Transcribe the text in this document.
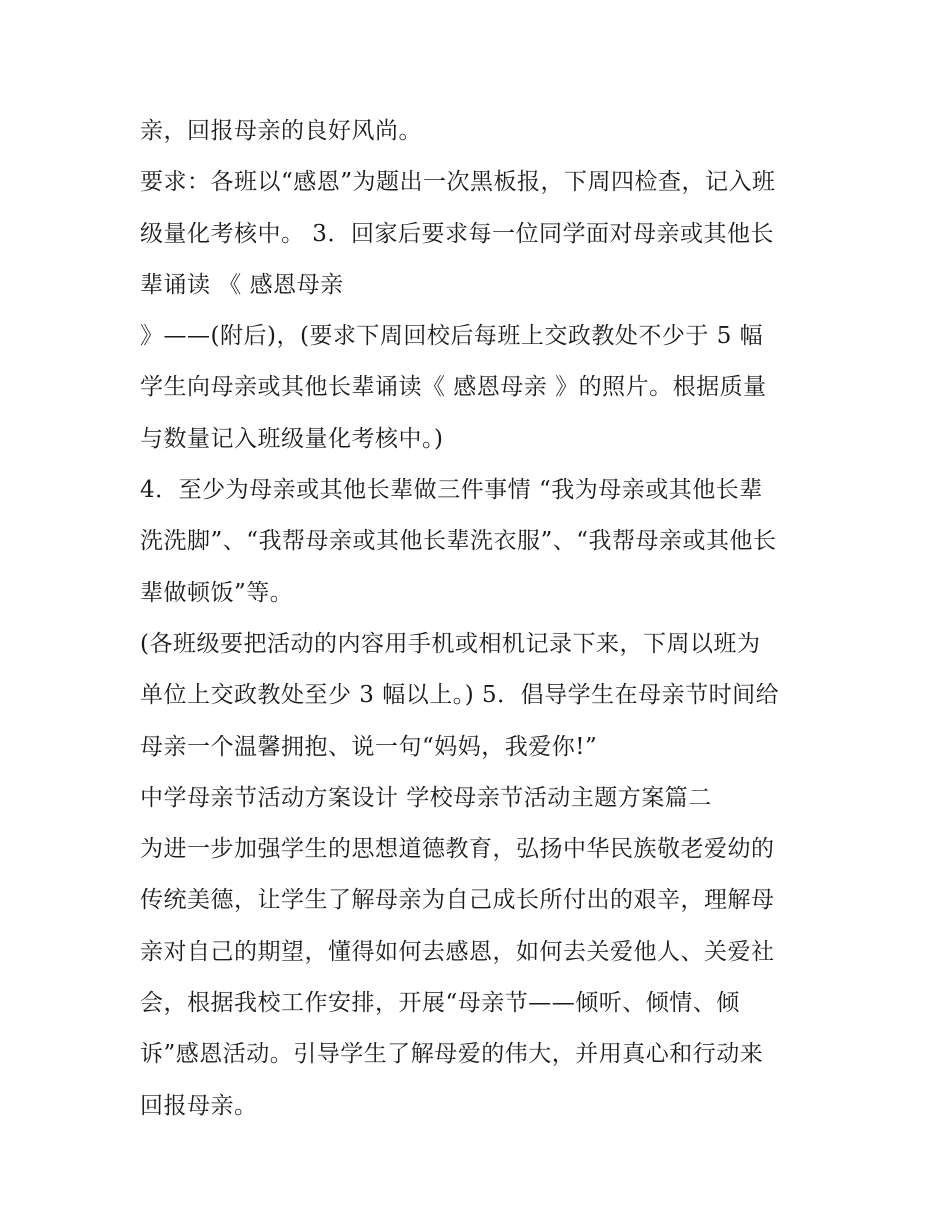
亲，回报母亲的良好风尚。
要求：各班以“感恩”为题出一次黑板报，下周四检查，记入班
级量化考核中。 3．回家后要求每一位同学面对母亲或其他长
辈诵读 《 感恩母亲
》——(附后)，(要求下周回校后每班上交政教处不少于 5 幅
学生向母亲或其他长辈诵读《 感恩母亲 》的照片。根据质量
与数量记入班级量化考核中。)
4．至少为母亲或其他长辈做三件事情 “我为母亲或其他长辈
洗洗脚”、“我帮母亲或其他长辈洗衣服”、“我帮母亲或其他长
辈做顿饭”等。
(各班级要把活动的内容用手机或相机记录下来，下周以班为
单位上交政教处至少 3 幅以上。) 5．倡导学生在母亲节时间给
母亲一个温馨拥抱、说一句“妈妈，我爱你!”
中学母亲节活动方案设计 学校母亲节活动主题方案篇二
为进一步加强学生的思想道德教育，弘扬中华民族敬老爱幼的
传统美德，让学生了解母亲为自己成长所付出的艰辛，理解母
亲对自己的期望，懂得如何去感恩，如何去关爱他人、关爱社
会，根据我校工作安排，开展“母亲节——倾听、倾情、倾
诉”感恩活动。引导学生了解母爱的伟大，并用真心和行动来
回报母亲。
